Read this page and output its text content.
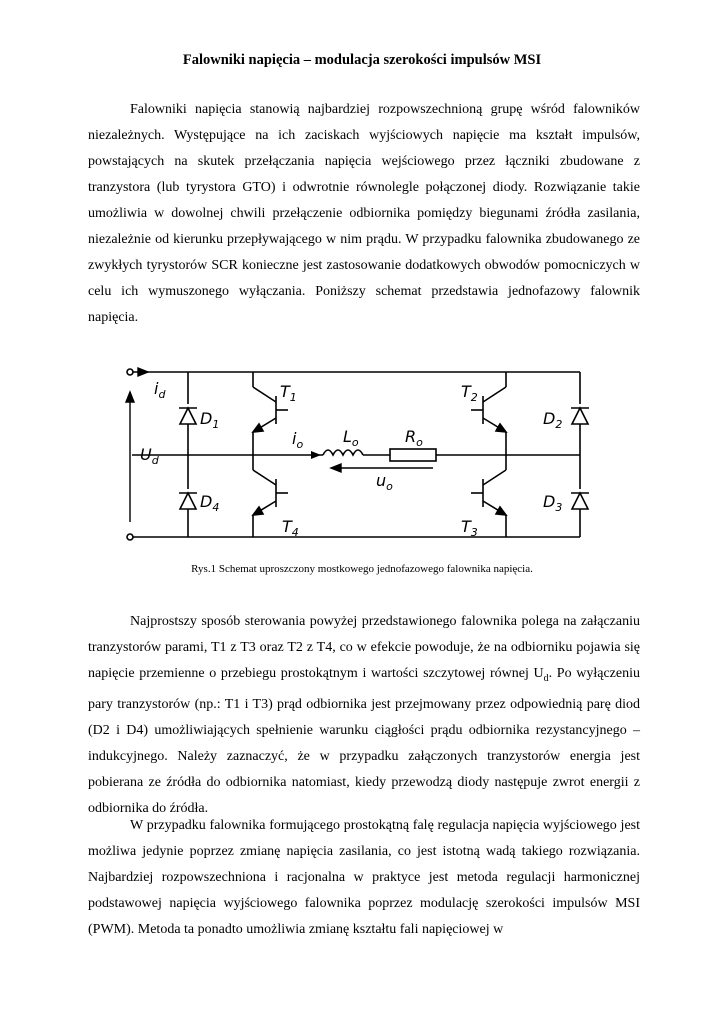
Falowniki napięcia – modulacja szerokości impulsów MSI

Falowniki napięcia stanowią najbardziej rozpowszechnioną grupę wśród falowników niezależnych. Występujące na ich zaciskach wyjściowych napięcie ma kształt impulsów, powstających na skutek przełączania napięcia wejściowego przez łączniki zbudowane z tranzystora (lub tyrystora GTO) i odwrotnie równolegle połączonej diody. Rozwiązanie takie umożliwia w dowolnej chwili przełączenie odbiornika pomiędzy biegunami źródła zasilania, niezależnie od kierunku przepływającego w nim prądu. W przypadku falownika zbudowanego ze zwykłych tyrystorów SCR konieczne jest zastosowanie dodatkowych obwodów pomocniczych w celu ich wymuszonego wyłączania. Poniższy schemat przedstawia jednofazowy falownik napięcia.

$i_d$
$U_d$
$D_1$
$D_4$
$D_2$
$D_3$
$T_1$
$T_4$
$T_2$
$T_3$
$i_o$ $L_o$	$R_o$
$u_o$
Rys.1 Schemat uproszczony mostkowego jednofazowego falownika napięcia.

Najprostszy sposób sterowania powyżej przedstawionego falownika polega na załączaniu tranzystorów parami, T1 z T3 oraz T2 z T4, co w efekcie powoduje, że na odbiorniku pojawia się napięcie przemienne o przebiegu prostokątnym i wartości szczytowej równej $U_d$. Po wyłączeniu pary tranzystorów (np.: T1 i T3) prąd odbiornika jest przejmowany przez odpowiednią parę diod (D2 i D4) umożliwiających spełnienie warunku ciągłości prądu odbiornika rezystancyjnego – indukcyjnego. Należy zaznaczyć, że w przypadku załączonych tranzystorów energia jest pobierana ze źródła do odbiornika natomiast, kiedy przewodzą diody następuje zwrot energii z odbiornika do źródła.

W przypadku falownika formującego prostokątną falę regulacja napięcia wyjściowego jest możliwa jedynie poprzez zmianę napięcia zasilania, co jest istotną wadą takiego rozwiązania. Najbardziej rozpowszechniona i racjonalna w praktyce jest metoda regulacji harmonicznej podstawowej napięcia wyjściowego falownika poprzez modulację szerokości impulsów MSI (PWM). Metoda ta ponadto umożliwia zmianę kształtu fali napięciowej w
